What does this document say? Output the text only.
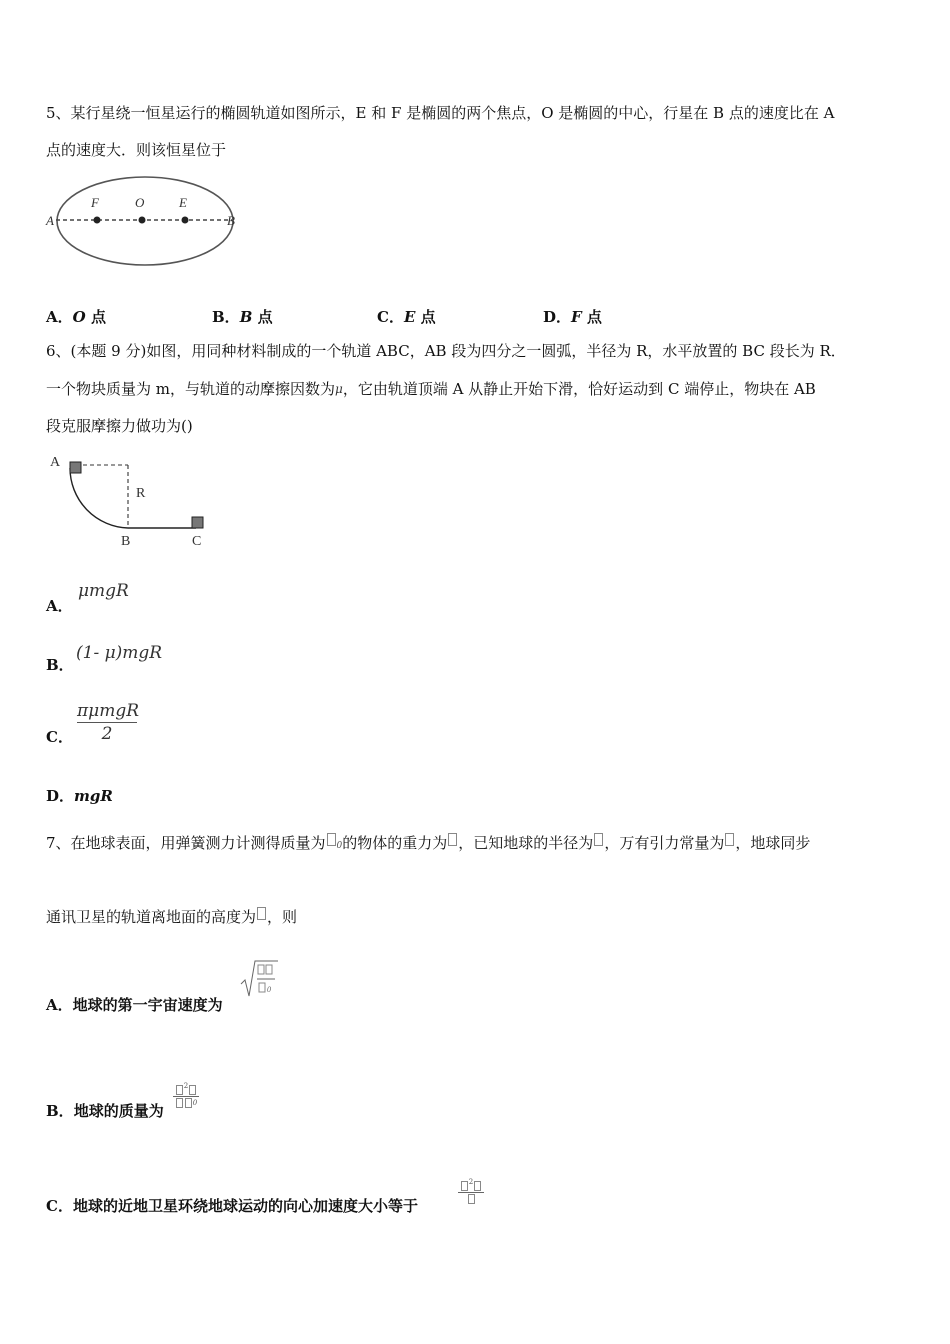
5、某行星绕一恒星运行的椭圆轨道如图所示，E 和 F 是椭圆的两个焦点，O 是椭圆的中心，行星在 B 点的速度比在 A
点的速度大．则该恒星位于
A	B
F	O	E
A．O 点	B．B 点	C．E 点	D．F 点
6、(本题 9 分)如图，用同种材料制成的一个轨道 ABC，AB 段为四分之一圆弧，半径为 R，水平放置的 BC 段长为 R．
一个物块质量为 m，与轨道的动摩擦因数为$^\mu$，它由轨道顶端 A 从静止开始下滑，恰好运动到 C 端停止，物块在 AB
段克服摩擦力做功为()
A
R
B	C
A．
μmgR
B．
(1- μ)mgR
C．
πμmgR
2
D．mgR
7、在地球表面，用弹簧测力计测得质量为 0的物体的重力为 ，已知地球的半径为 ，万有引力常量为 ，地球同步
通讯卫星的轨道离地面的高度为 ，则
A．地球的第一宇宙速度为
0
B．地球的质量为
$^2$
0
C．地球的近地卫星环绕地球运动的向心加速度大小等于
$^2$
